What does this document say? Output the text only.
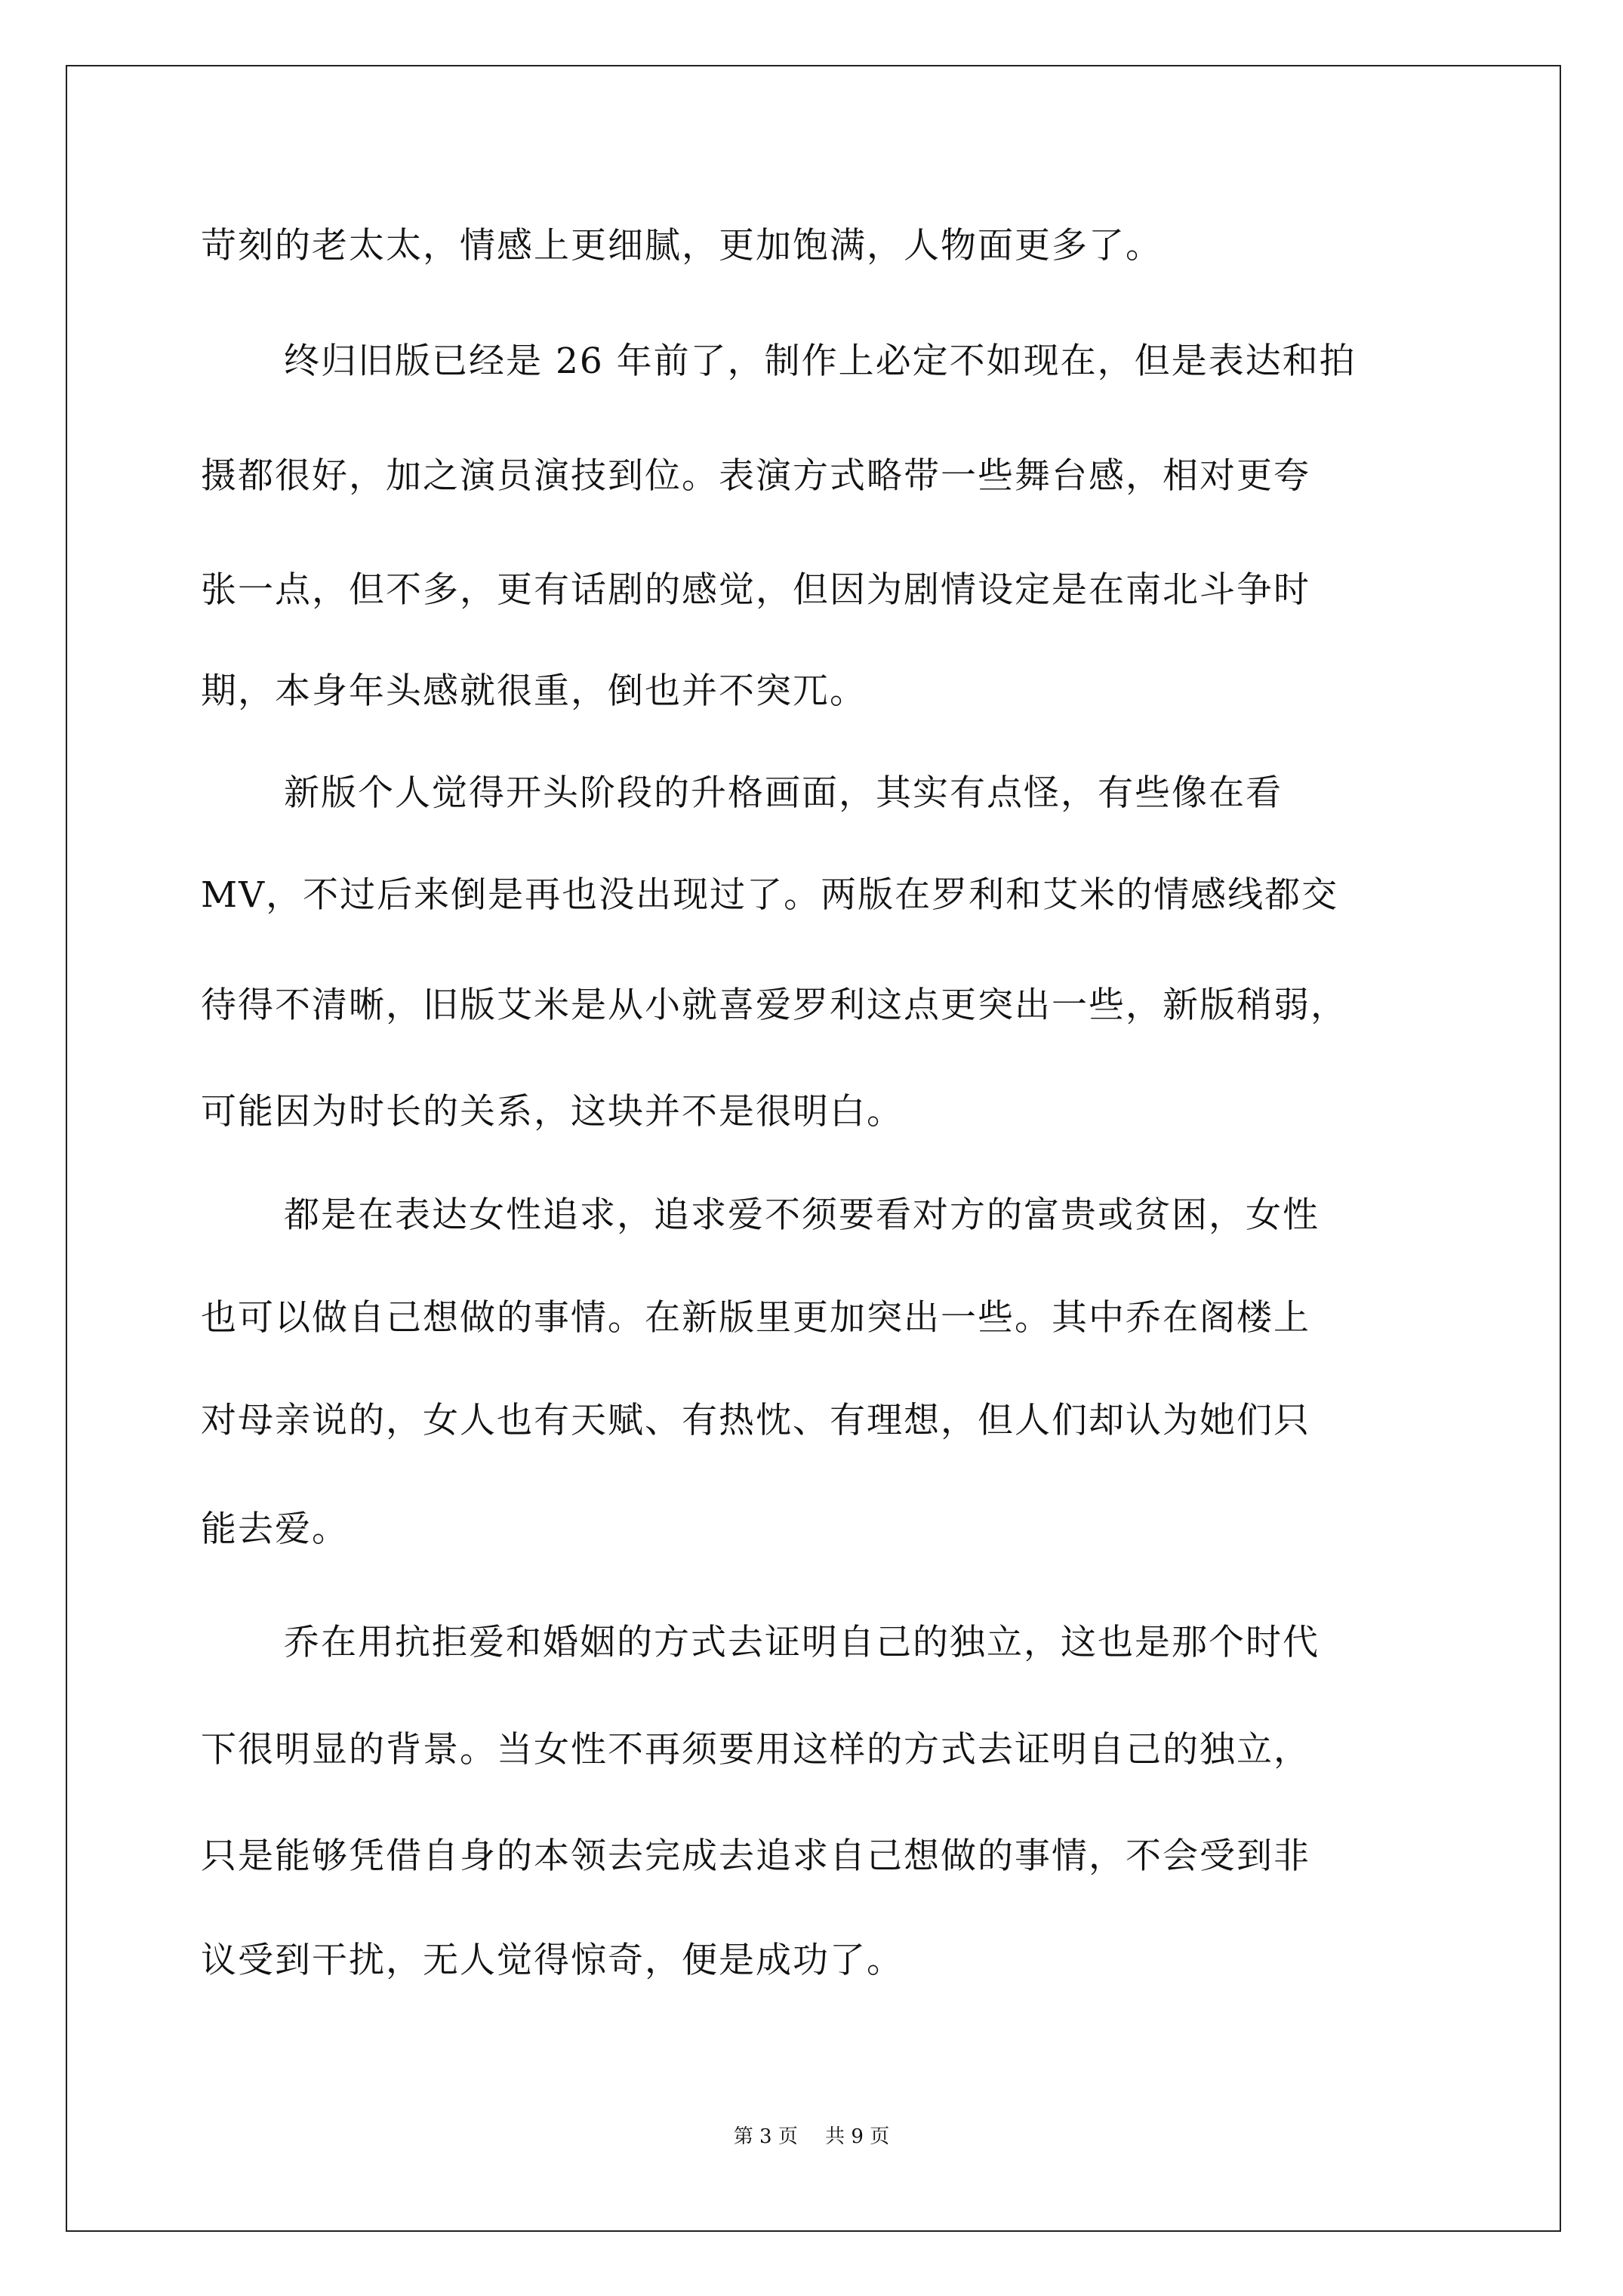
苛刻的老太太，情感上更细腻，更加饱满，人物面更多了。
终归旧版已经是 26 年前了，制作上必定不如现在，但是表达和拍
摄都很好，加之演员演技到位。表演方式略带一些舞台感，相对更夸
张一点，但不多，更有话剧的感觉，但因为剧情设定是在南北斗争时
期，本身年头感就很重，倒也并不突兀。
新版个人觉得开头阶段的升格画面，其实有点怪，有些像在看
MV，不过后来倒是再也没出现过了。两版在罗利和艾米的情感线都交
待得不清晰，旧版艾米是从小就喜爱罗利这点更突出一些，新版稍弱，
可能因为时长的关系，这块并不是很明白。
都是在表达女性追求，追求爱不须要看对方的富贵或贫困，女性
也可以做自己想做的事情。在新版里更加突出一些。其中乔在阁楼上
对母亲说的，女人也有天赋、有热忱、有理想，但人们却认为她们只
能去爱。
乔在用抗拒爱和婚姻的方式去证明自己的独立，这也是那个时代
下很明显的背景。当女性不再须要用这样的方式去证明自己的独立，
只是能够凭借自身的本领去完成去追求自己想做的事情，不会受到非
议受到干扰，无人觉得惊奇，便是成功了。
第 3 页 共 9 页
